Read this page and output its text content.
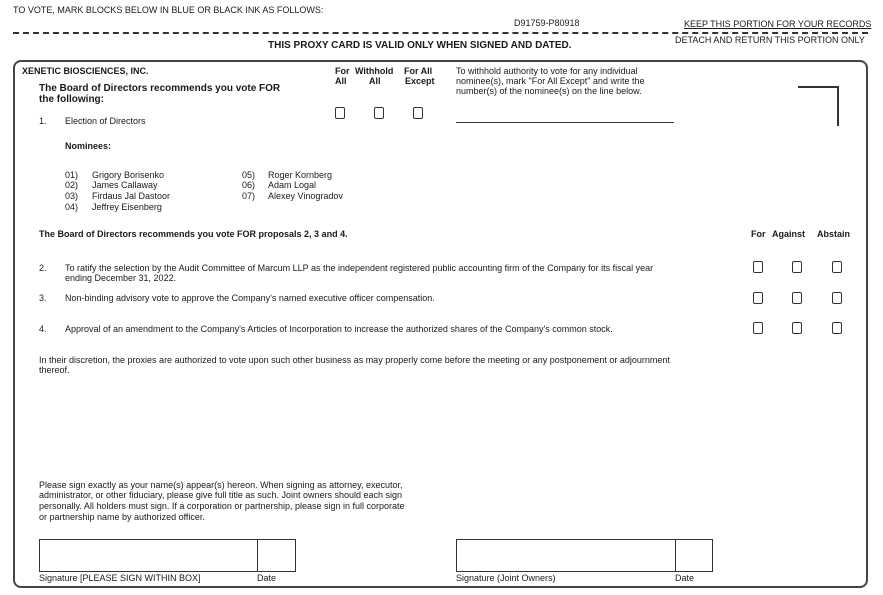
TO VOTE, MARK BLOCKS BELOW IN BLUE OR BLACK INK AS FOLLOWS:
D91759-P80918	KEEP THIS PORTION FOR YOUR RECORDS
THIS PROXY CARD IS VALID ONLY WHEN SIGNED AND DATED.	DETACH AND RETURN THIS PORTION ONLY
XENETIC BIOSCIENCES, INC.
The Board of Directors recommends you vote FOR
the following:
For
All
Withhold
All
For All
Except
To withhold authority to vote for any individual
nominee(s), mark "For All Except" and write the
number(s) of the nominee(s) on the line below.
1. Election of Directors
Nominees:
01) Grigory Borisenko
02) James Callaway
03) Firdaus Jal Dastoor
04) Jeffrey Eisenberg
05) Roger Kornberg
06) Adam Logal
07) Alexey Vinogradov
The Board of Directors recommends you vote FOR proposals 2, 3 and 4.	For Against Abstain
2. To ratify the selection by the Audit Committee of Marcum LLP as the independent registered public accounting firm of the Company for its fiscal year
ending December 31, 2022.
3. Non-binding advisory vote to approve the Company's named executive officer compensation.
4. Approval of an amendment to the Company's Articles of Incorporation to increase the authorized shares of the Company's common stock.
In their discretion, the proxies are authorized to vote upon such other business as may properly come before the meeting or any postponement or adjournment
thereof.
Please sign exactly as your name(s) appear(s) hereon. When signing as attorney, executor,
administrator, or other fiduciary, please give full title as such. Joint owners should each sign
personally. All holders must sign. If a corporation or partnership, please sign in full corporate
or partnership name by authorized officer.
Signature [PLEASE SIGN WITHIN BOX]	Date	Signature (Joint Owners)	Date
